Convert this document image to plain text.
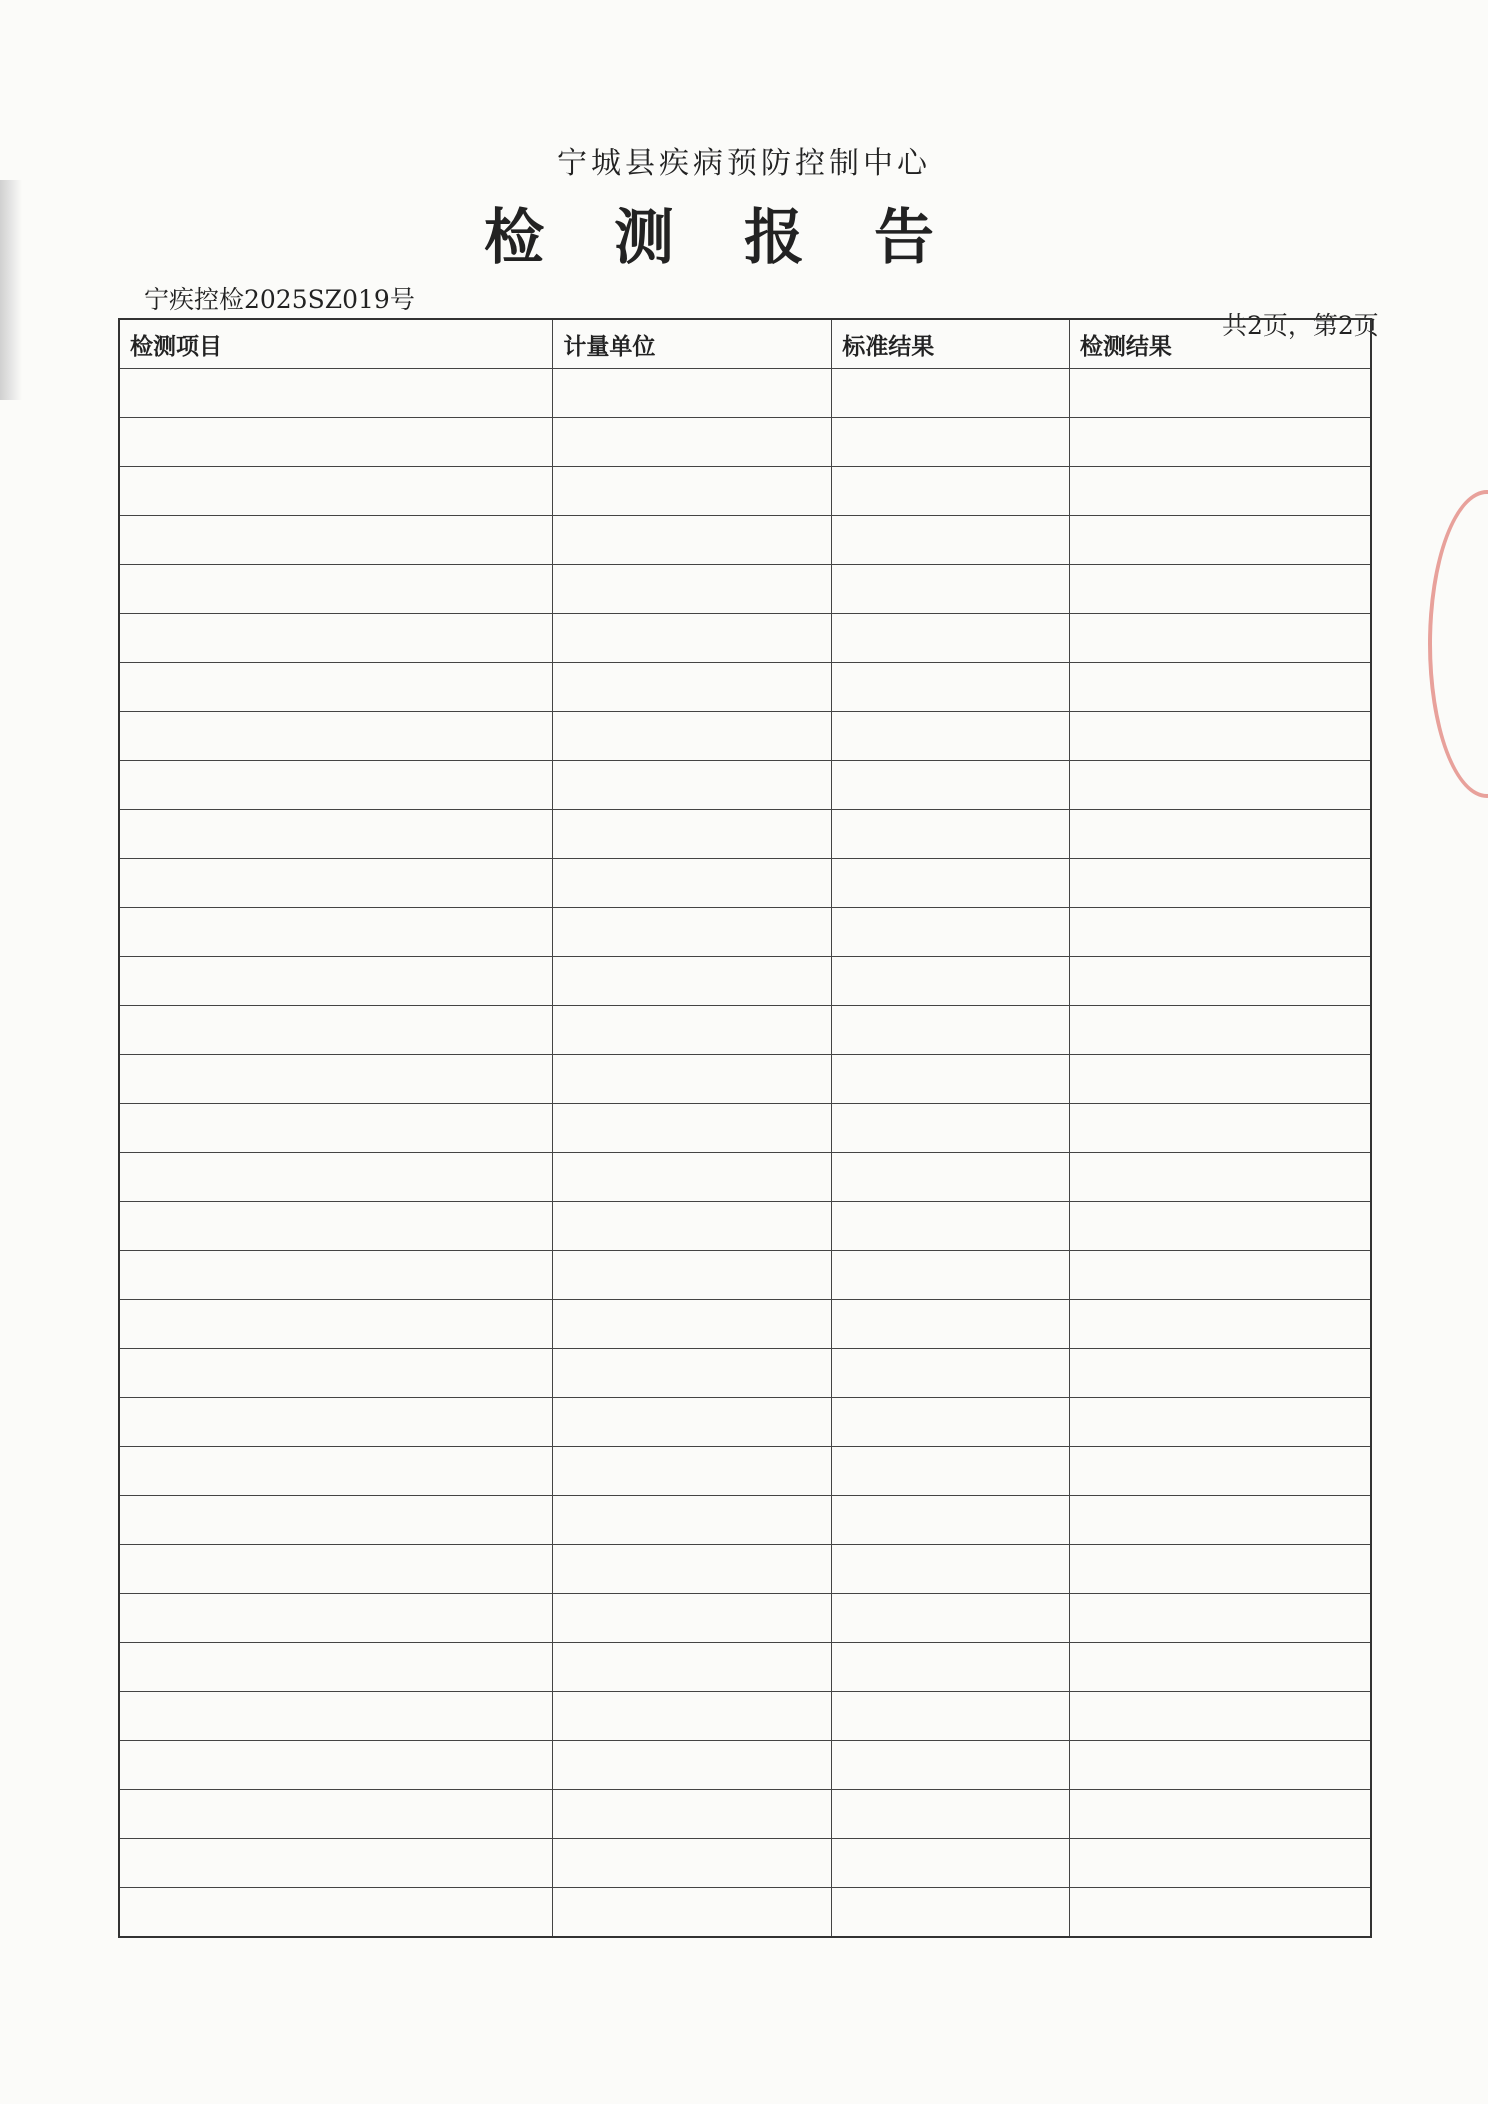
宁城县疾病预防控制中心
检测报告
宁疾控检2025SZ019号
共2页，第2页
检测项目	计量单位	标准结果	检测结果
